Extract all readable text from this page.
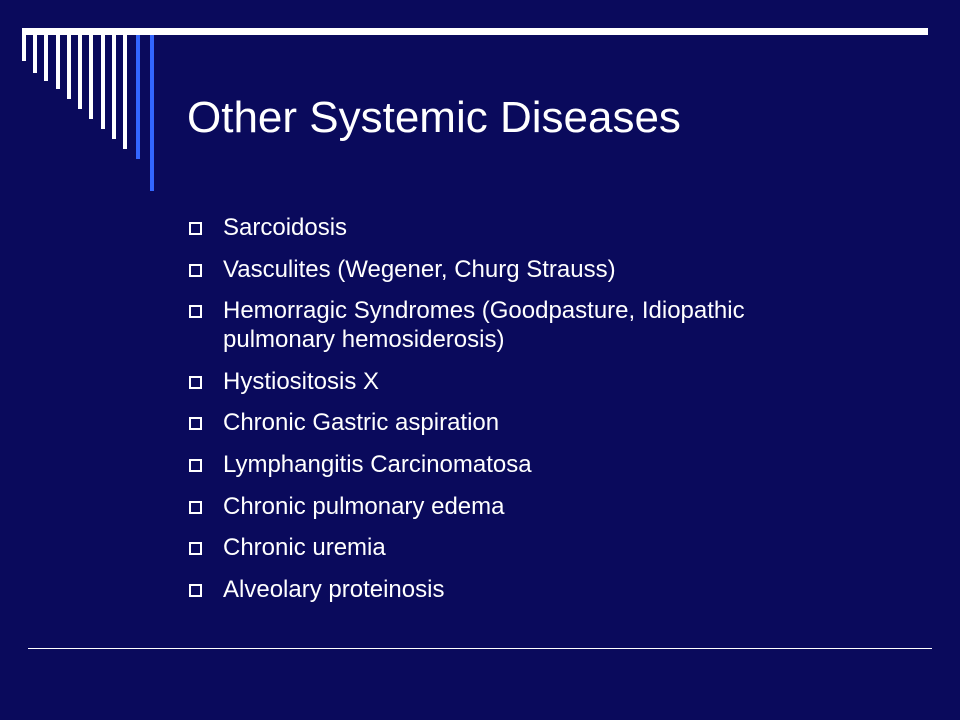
Other Systemic Diseases
Sarcoidosis
Vasculites (Wegener, Churg Strauss)
Hemorragic Syndromes (Goodpasture, Idiopathic pulmonary hemosiderosis)
Hystiositosis X
Chronic Gastric aspiration
Lymphangitis Carcinomatosa
Chronic pulmonary edema
Chronic uremia
Alveolary proteinosis
